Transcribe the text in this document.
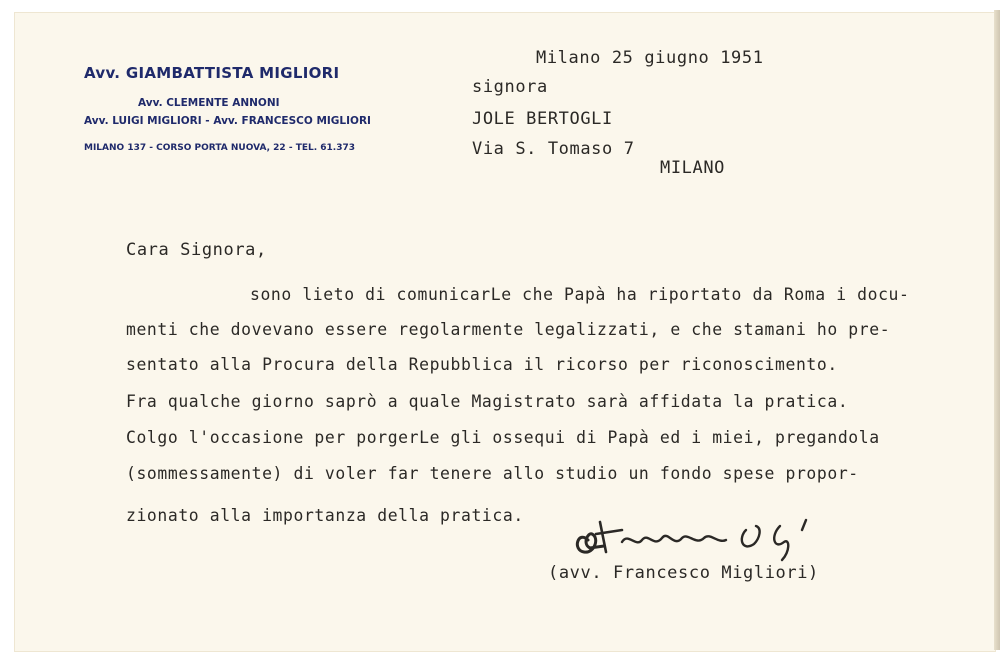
Avv. GIAMBATTISTA MIGLIORI
Avv. CLEMENTE ANNONI
Avv. LUIGI MIGLIORI - Avv. FRANCESCO MIGLIORI
MILANO 137 - CORSO PORTA NUOVA, 22 - TEL. 61.373
Milano 25 giugno 1951
signora
JOLE BERTOGLI
Via S. Tomaso 7
MILANO
Cara Signora,
sono lieto di comunicarLe che Papà ha riportato da Roma i docu-
menti che dovevano essere regolarmente legalizzati, e che stamani ho pre-
sentato alla Procura della Repubblica il ricorso per riconoscimento.
Fra qualche giorno saprò a quale Magistrato sarà affidata la pratica.
Colgo l'occasione per porgerLe gli ossequi di Papà ed i miei, pregandola
(sommessamente) di voler far tenere allo studio un fondo spese propor-
zionato alla importanza della pratica.
(avv. Francesco Migliori)
